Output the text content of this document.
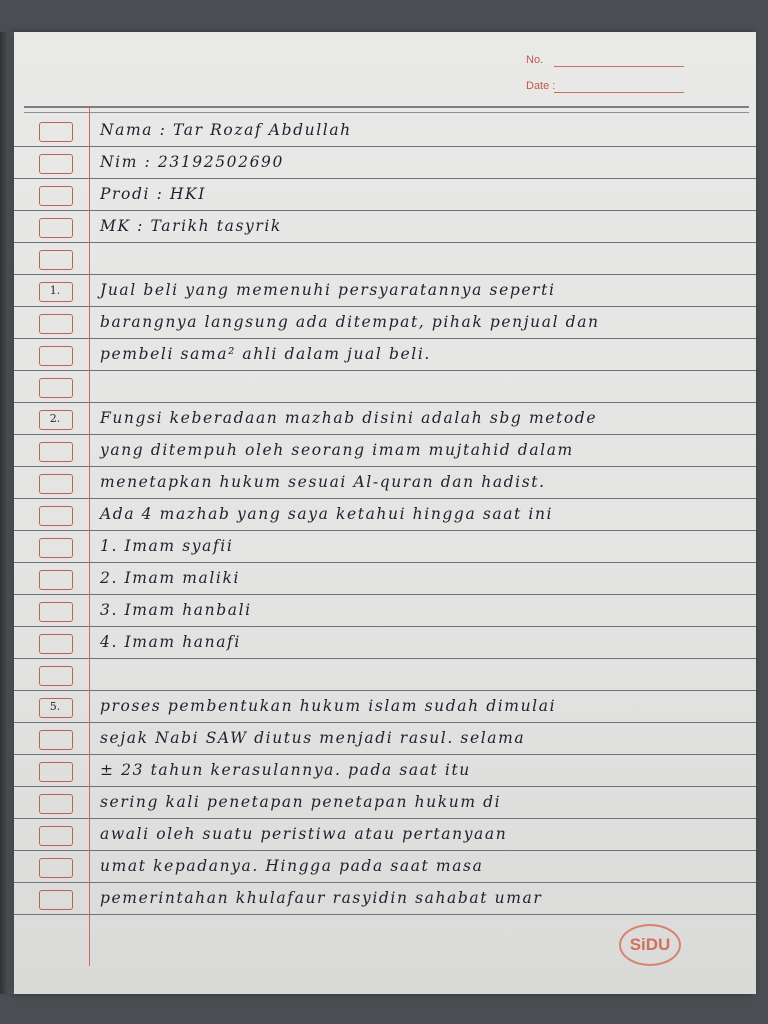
No.
Date :
Nama : Tar Rozaf Abdullah
Nim : 23192502690
Prodi : HKI
MK : Tarikh tasyrik
Jual beli yang memenuhi persyaratannya seperti
barangnya langsung ada ditempat, pihak penjual dan
pembeli sama² ahli dalam jual beli.
Fungsi keberadaan mazhab disini adalah sbg metode
yang ditempuh oleh seorang imam mujtahid dalam
menetapkan hukum sesuai Al-quran dan hadist.
Ada 4 mazhab yang saya ketahui hingga saat ini
1. Imam syafii
2. Imam maliki
3. Imam hanbali
4. Imam hanafi
proses pembentukan hukum islam sudah dimulai
sejak Nabi SAW diutus menjadi rasul. selama
± 23 tahun kerasulannya. pada saat itu
sering kali penetapan penetapan hukum di
awali oleh suatu peristiwa atau pertanyaan
umat kepadanya. Hingga pada saat masa
pemerintahan khulafaur rasyidin sahabat umar
1.
2.
5.
SiDU
